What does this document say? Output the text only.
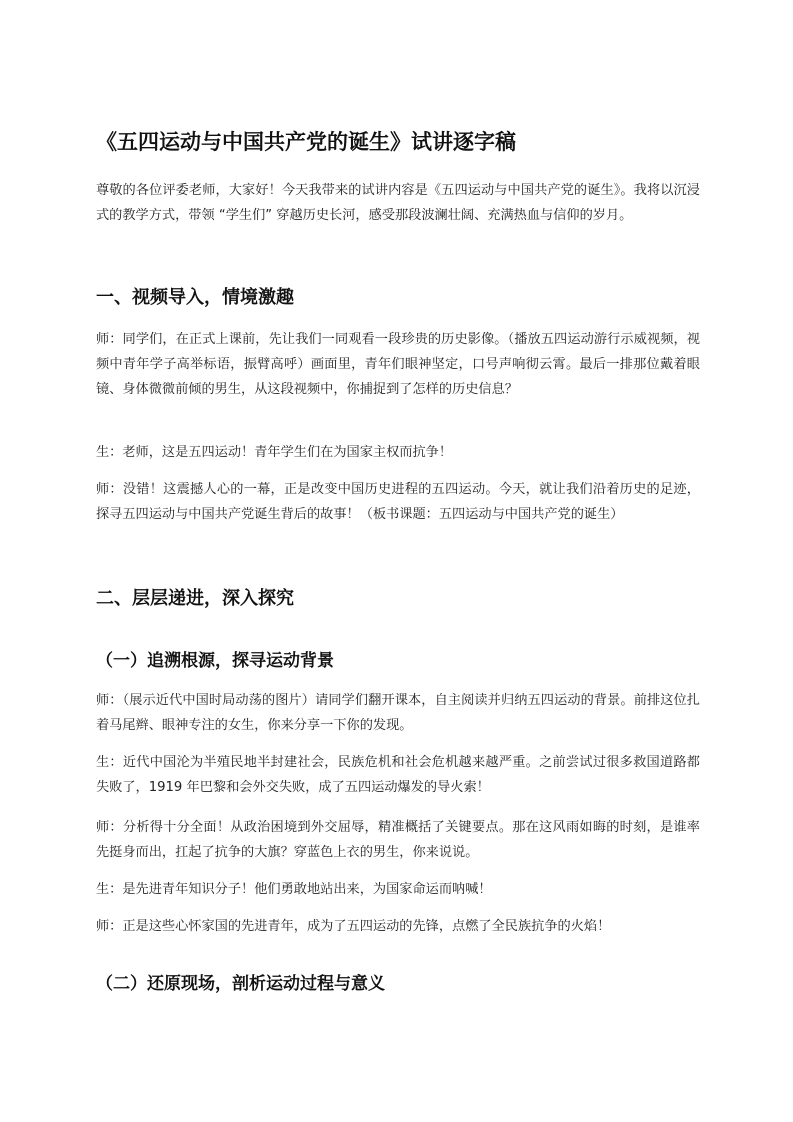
《五四运动与中国共产党的诞生》试讲逐字稿

尊敬的各位评委老师，大家好！今天我带来的试讲内容是《五四运动与中国共产党的诞生》。我将以沉浸式的教学方式，带领 “学生们” 穿越历史长河，感受那段波澜壮阔、充满热血与信仰的岁月。

一、视频导入，情境激趣

师：同学们，在正式上课前，先让我们一同观看一段珍贵的历史影像。（播放五四运动游行示威视频，视频中青年学子高举标语，振臂高呼）画面里，青年们眼神坚定，口号声响彻云霄。最后一排那位戴着眼镜、身体微微前倾的男生，从这段视频中，你捕捉到了怎样的历史信息？

生：老师，这是五四运动！青年学生们在为国家主权而抗争！

师：没错！这震撼人心的一幕，正是改变中国历史进程的五四运动。今天，就让我们沿着历史的足迹，探寻五四运动与中国共产党诞生背后的故事！（板书课题：五四运动与中国共产党的诞生）

二、层层递进，深入探究
（一）追溯根源，探寻运动背景

师：（展示近代中国时局动荡的图片）请同学们翻开课本，自主阅读并归纳五四运动的背景。前排这位扎着马尾辫、眼神专注的女生，你来分享一下你的发现。

生：近代中国沦为半殖民地半封建社会，民族危机和社会危机越来越严重。之前尝试过很多救国道路都失败了，1919 年巴黎和会外交失败，成了五四运动爆发的导火索！

师：分析得十分全面！从政治困境到外交屈辱，精准概括了关键要点。那在这风雨如晦的时刻，是谁率先挺身而出，扛起了抗争的大旗？穿蓝色上衣的男生，你来说说。

生：是先进青年知识分子！他们勇敢地站出来，为国家命运而呐喊！

师：正是这些心怀家国的先进青年，成为了五四运动的先锋，点燃了全民族抗争的火焰！

（二）还原现场，剖析运动过程与意义
